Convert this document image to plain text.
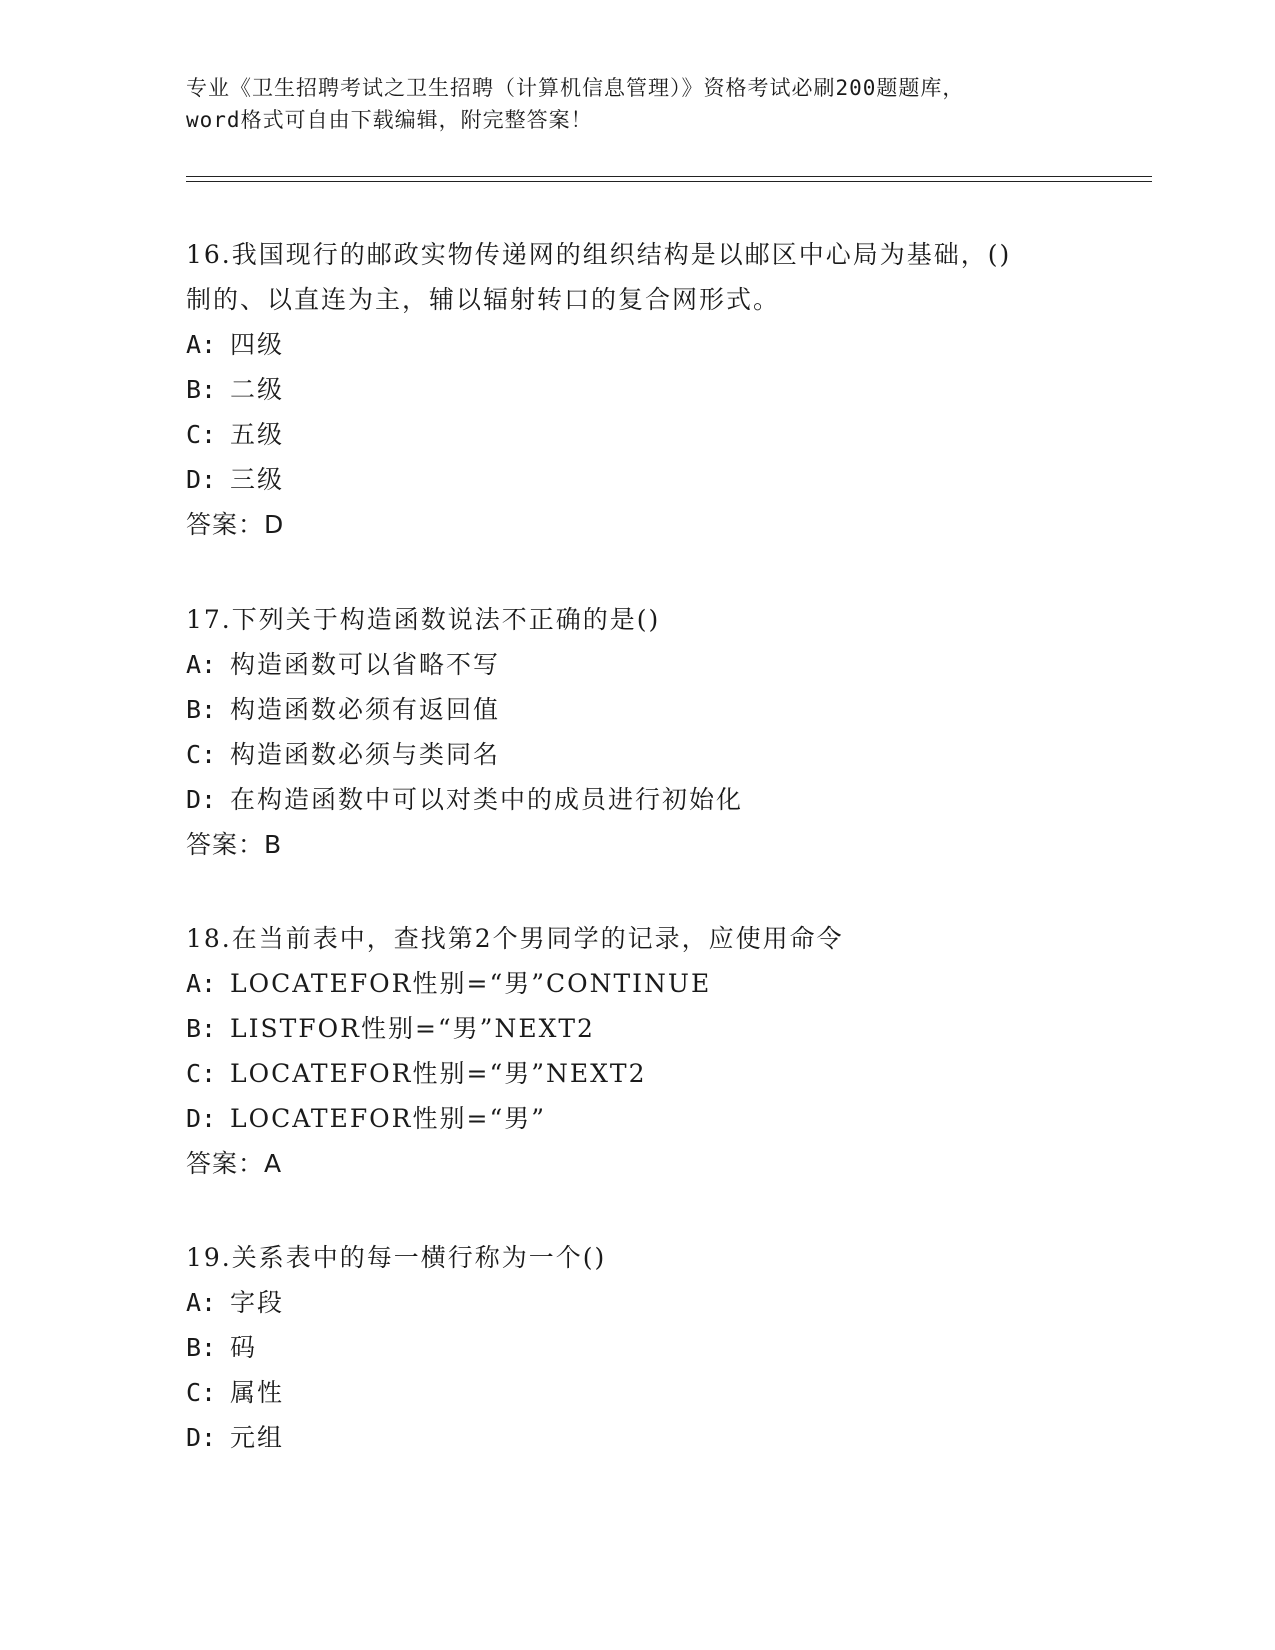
专业《卫生招聘考试之卫生招聘（计算机信息管理）》资格考试必刷200题题库，
word格式可自由下载编辑，附完整答案！
16.我国现行的邮政实物传递网的组织结构是以邮区中心局为基础，()
制的、以直连为主，辅以辐射转口的复合网形式。
A: 四级
B: 二级
C: 五级
D: 三级
答案：D
17.下列关于构造函数说法不正确的是()
A: 构造函数可以省略不写
B: 构造函数必须有返回值
C: 构造函数必须与类同名
D: 在构造函数中可以对类中的成员进行初始化
答案：B
18.在当前表中，查找第2个男同学的记录，应使用命令
A: LOCATEFOR性别=“男”CONTINUE
B: LISTFOR性别=“男”NEXT2
C: LOCATEFOR性别=“男”NEXT2
D: LOCATEFOR性别=“男”
答案：A
19.关系表中的每一横行称为一个()
A: 字段
B: 码
C: 属性
D: 元组
